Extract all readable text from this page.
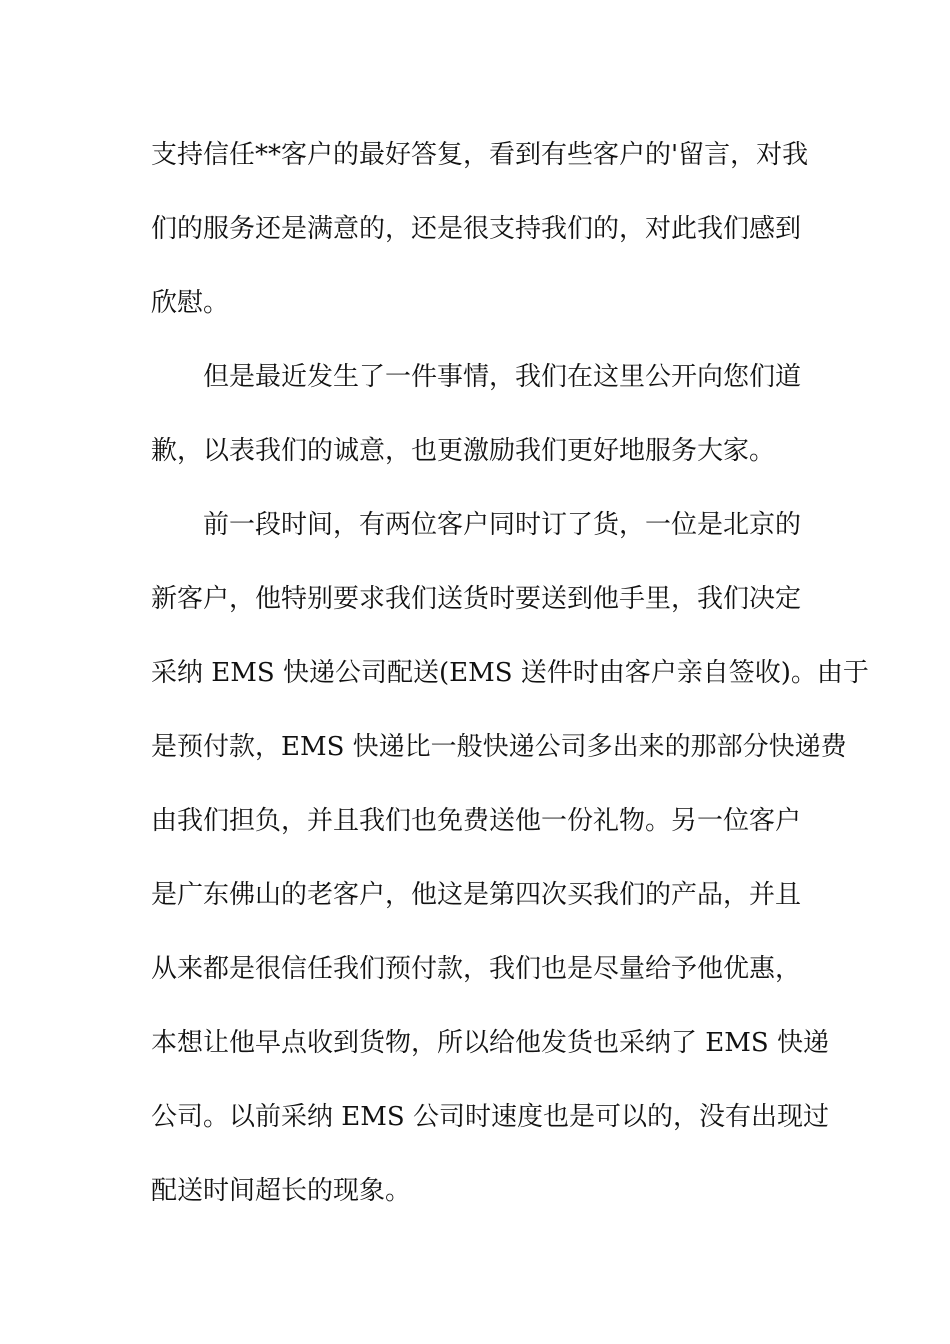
支持信任**客户的最好答复，看到有些客户的'留言，对我
们的服务还是满意的，还是很支持我们的，对此我们感到
欣慰。
但是最近发生了一件事情，我们在这里公开向您们道
歉，以表我们的诚意，也更激励我们更好地服务大家。
前一段时间，有两位客户同时订了货，一位是北京的
新客户，他特别要求我们送货时要送到他手里，我们决定
采纳 EMS 快递公司配送(EMS 送件时由客户亲自签收)。由于
是预付款，EMS 快递比一般快递公司多出来的那部分快递费
由我们担负，并且我们也免费送他一份礼物。另一位客户
是广东佛山的老客户，他这是第四次买我们的产品，并且
从来都是很信任我们预付款，我们也是尽量给予他优惠，
本想让他早点收到货物，所以给他发货也采纳了 EMS 快递
公司。以前采纳 EMS 公司时速度也是可以的，没有出现过
配送时间超长的现象。
